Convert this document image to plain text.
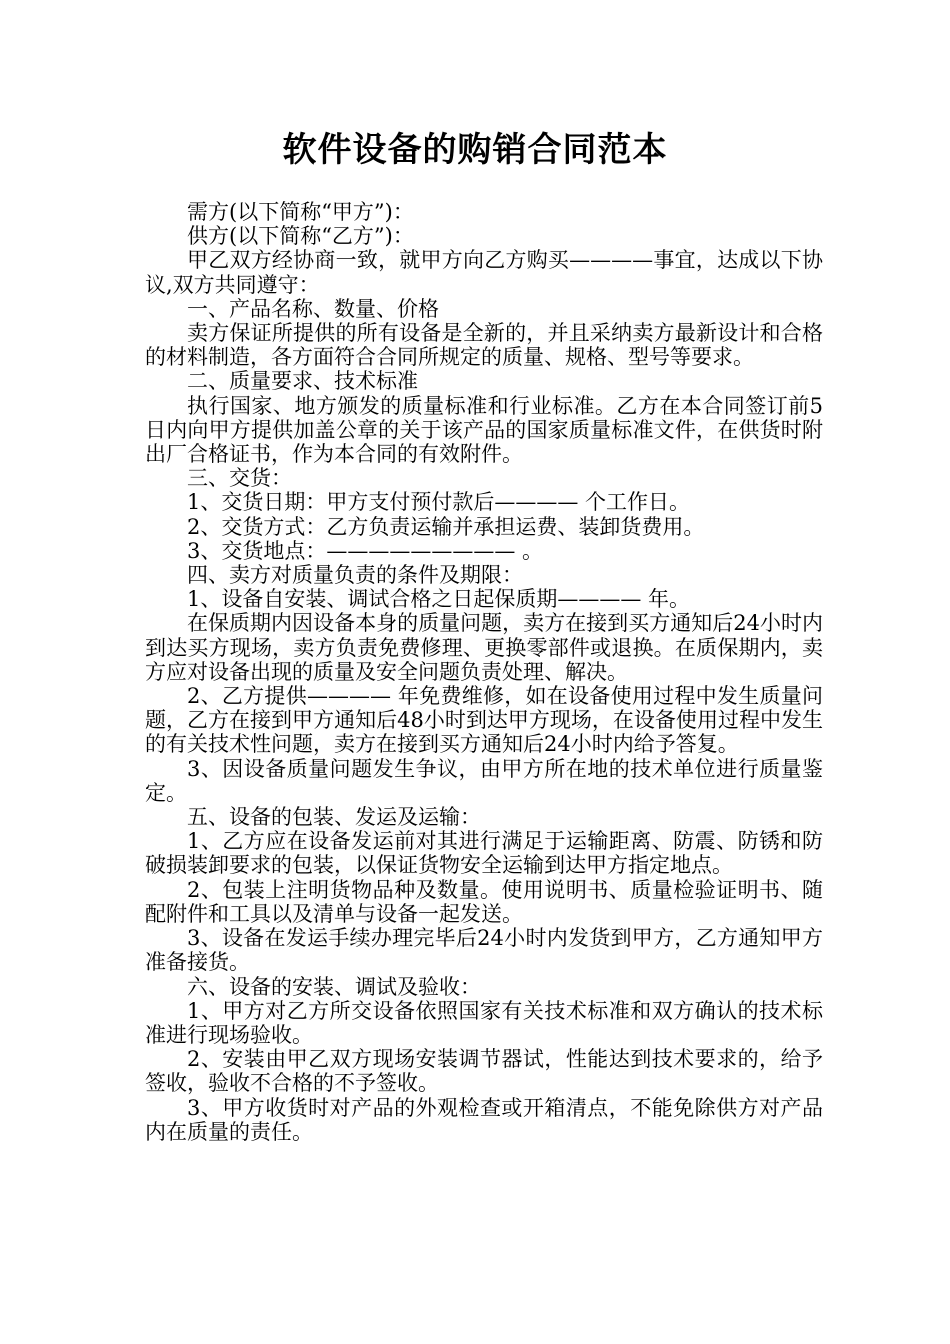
软件设备的购销合同范本

需方(以下简称“甲方”)：

供方(以下简称“乙方”)：

甲乙双方经协商一致，就甲方向乙方购买————事宜，达成以下协议,双方共同遵守：

一、产品名称、数量、价格

卖方保证所提供的所有设备是全新的，并且采纳卖方最新设计和合格的材料制造，各方面符合合同所规定的质量、规格、型号等要求。

二、质量要求、技术标准

执行国家、地方颁发的质量标准和行业标准。乙方在本合同签订前5日内向甲方提供加盖公章的关于该产品的国家质量标准文件，在供货时附出厂合格证书，作为本合同的有效附件。

三、交货：

1、交货日期：甲方支付预付款后———— 个工作日。

2、交货方式：乙方负责运输并承担运费、装卸货费用。

3、交货地点：————————— 。

四、卖方对质量负责的条件及期限：

1、设备自安装、调试合格之日起保质期———— 年。

在保质期内因设备本身的质量问题，卖方在接到买方通知后24小时内到达买方现场，卖方负责免费修理、更换零部件或退换。在质保期内，卖方应对设备出现的质量及安全问题负责处理、解决。

2、乙方提供———— 年免费维修，如在设备使用过程中发生质量问题，乙方在接到甲方通知后48小时到达甲方现场，在设备使用过程中发生的有关技术性问题，卖方在接到买方通知后24小时内给予答复。

3、因设备质量问题发生争议，由甲方所在地的技术单位进行质量鉴定。

五、设备的包装、发运及运输：

1、乙方应在设备发运前对其进行满足于运输距离、防震、防锈和防破损装卸要求的包装，以保证货物安全运输到达甲方指定地点。

2、包装上注明货物品种及数量。使用说明书、质量检验证明书、随配附件和工具以及清单与设备一起发送。

3、设备在发运手续办理完毕后24小时内发货到甲方，乙方通知甲方准备接货。

六、设备的安装、调试及验收：

1、甲方对乙方所交设备依照国家有关技术标准和双方确认的技术标准进行现场验收。

2、安装由甲乙双方现场安装调节器试，性能达到技术要求的，给予签收，验收不合格的不予签收。

3、甲方收货时对产品的外观检查或开箱清点，不能免除供方对产品内在质量的责任。
